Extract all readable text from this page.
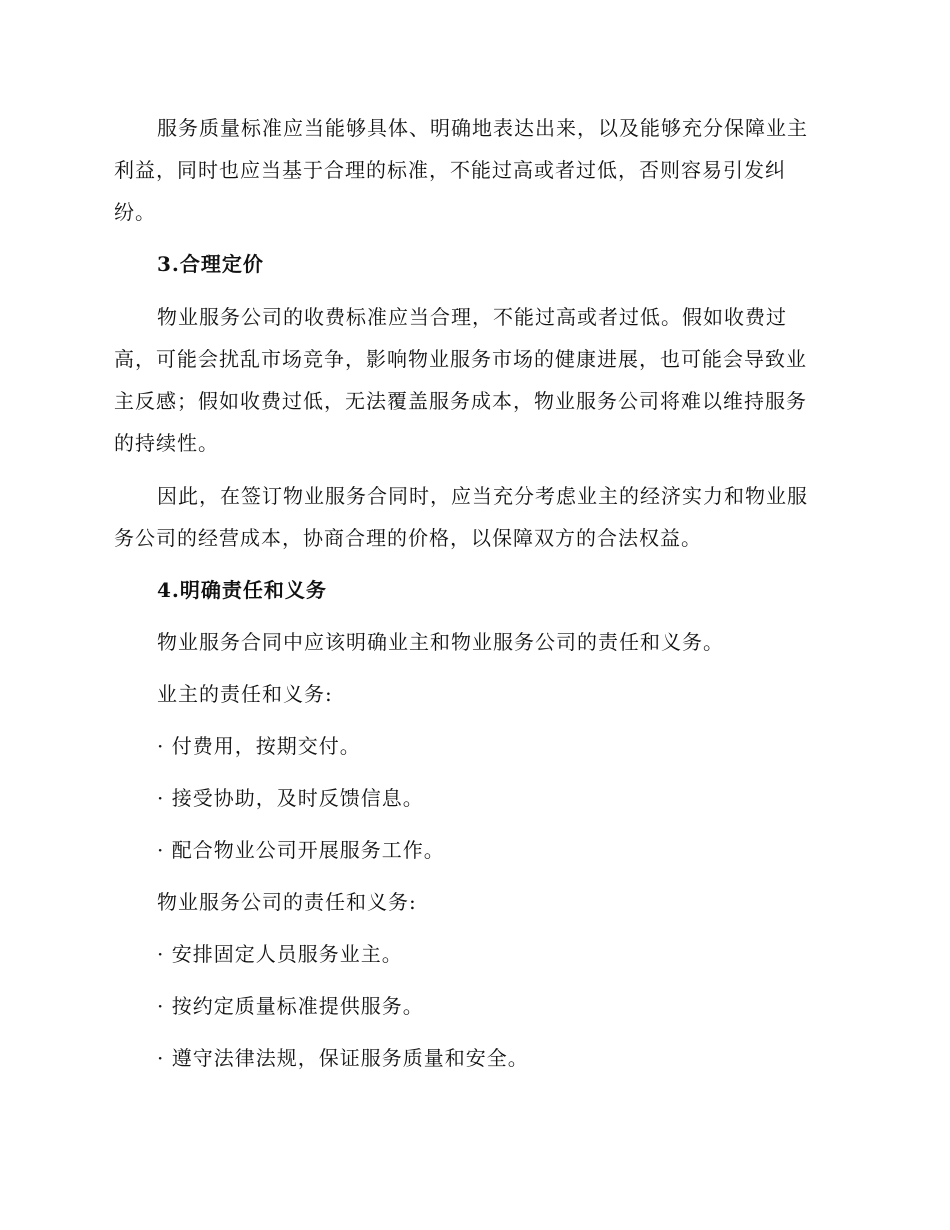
服务质量标准应当能够具体、明确地表达出来，以及能够充分保障业主
利益，同时也应当基于合理的标准，不能过高或者过低，否则容易引发纠
纷。
3.合理定价
物业服务公司的收费标准应当合理，不能过高或者过低。假如收费过
高，可能会扰乱市场竞争，影响物业服务市场的健康进展，也可能会导致业
主反感；假如收费过低，无法覆盖服务成本，物业服务公司将难以维持服务
的持续性。
因此，在签订物业服务合同时，应当充分考虑业主的经济实力和物业服
务公司的经营成本，协商合理的价格，以保障双方的合法权益。
4.明确责任和义务
物业服务合同中应该明确业主和物业服务公司的责任和义务。
业主的责任和义务:
· 付费用，按期交付。
· 接受协助，及时反馈信息。
· 配合物业公司开展服务工作。
物业服务公司的责任和义务:
· 安排固定人员服务业主。
· 按约定质量标准提供服务。
· 遵守法律法规，保证服务质量和安全。
